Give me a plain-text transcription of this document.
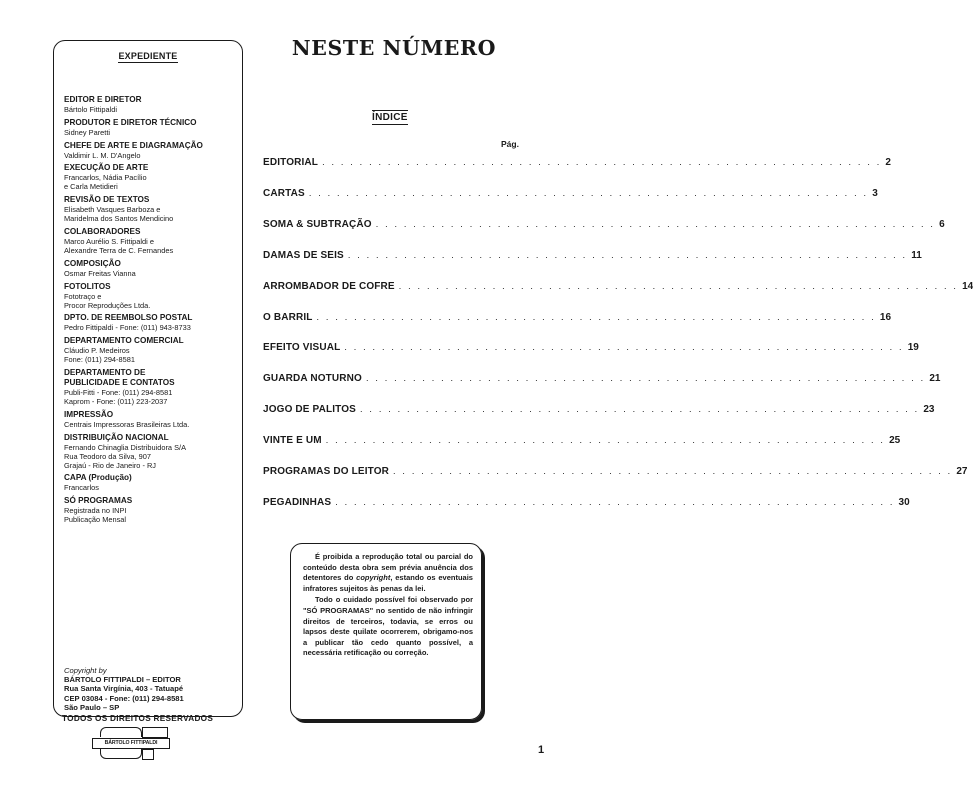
EXPEDIENTE
EDITOR E DIRETOR
Bártolo Fittipaldi
PRODUTOR E DIRETOR TÉCNICO
Sidney Paretti
CHEFE DE ARTE E DIAGRAMAÇÃO
Valdimir L. M. D'Angelo
EXECUÇÃO DE ARTE
Francarlos, Nádia Pacílio
e Carla Metidieri
REVISÃO DE TEXTOS
Elisabeth Vasques Barboza e
Maridelma dos Santos Mendicino
COLABORADORES
Marco Aurélio S. Fittipaldi e
Alexandre Terra de C. Fernandes
COMPOSIÇÃO
Osmar Freitas Vianna
FOTOLITOS
Fototraço e
Procor Reproduções Ltda.
DPTO. DE REEMBOLSO POSTAL
Pedro Fittipaldi - Fone: (011) 943-8733
DEPARTAMENTO COMERCIAL
Cláudio P. Medeiros
Fone: (011) 294-8581
DEPARTAMENTO DE
PUBLICIDADE E CONTATOS
Publi-Fitti - Fone: (011) 294-8581
Kaprom - Fone: (011) 223-2037
IMPRESSÃO
Centrais Impressoras Brasileiras Ltda.
DISTRIBUIÇÃO NACIONAL
Fernando Chinaglia Distribuidora S/A
Rua Teodoro da Silva, 907
Grajaú - Rio de Janeiro - RJ
CAPA (Produção)
Francarlos
SÓ PROGRAMAS
Registrada no INPI
Publicação Mensal
Copyright by
BÁRTOLO FITTIPALDI – EDITOR
Rua Santa Virgínia, 403 - Tatuapé
CEP 03084 - Fone: (011) 294-8581
São Paulo – SP
TODOS OS DIREITOS RESERVADOS
BÁRTOLO FITTIPALDI
NESTE NÚMERO
ÍNDICE
Pág.
EDITORIAL . . . . . . . . . . . . . . . . . . . . . . . . . . . . . . . . . . . . . . . . . . . . . . . . . . . . . . . . . . . . 2
CARTAS . . . . . . . . . . . . . . . . . . . . . . . . . . . . . . . . . . . . . . . . . . . . . . . . . . . . . . . . . . . . 3
SOMA & SUBTRAÇÃO . . . . . . . . . . . . . . . . . . . . . . . . . . . . . . . . . . . . . . . . . . . . . . . . . . . . . . . . . . . . 6
DAMAS DE SEIS . . . . . . . . . . . . . . . . . . . . . . . . . . . . . . . . . . . . . . . . . . . . . . . . . . . . . . . . . . . . 11
ARROMBADOR DE COFRE . . . . . . . . . . . . . . . . . . . . . . . . . . . . . . . . . . . . . . . . . . . . . . . . . . . . . . . . . . . . 14
O BARRIL . . . . . . . . . . . . . . . . . . . . . . . . . . . . . . . . . . . . . . . . . . . . . . . . . . . . . . . . . . . . 16
EFEITO VISUAL . . . . . . . . . . . . . . . . . . . . . . . . . . . . . . . . . . . . . . . . . . . . . . . . . . . . . . . . . . . . 19
GUARDA NOTURNO . . . . . . . . . . . . . . . . . . . . . . . . . . . . . . . . . . . . . . . . . . . . . . . . . . . . . . . . . . . . 21
JOGO DE PALITOS . . . . . . . . . . . . . . . . . . . . . . . . . . . . . . . . . . . . . . . . . . . . . . . . . . . . . . . . . . . . 23
VINTE E UM . . . . . . . . . . . . . . . . . . . . . . . . . . . . . . . . . . . . . . . . . . . . . . . . . . . . . . . . . . . . 25
PROGRAMAS DO LEITOR . . . . . . . . . . . . . . . . . . . . . . . . . . . . . . . . . . . . . . . . . . . . . . . . . . . . . . . . . . . . 27
PEGADINHAS . . . . . . . . . . . . . . . . . . . . . . . . . . . . . . . . . . . . . . . . . . . . . . . . . . . . . . . . . . . . 30

É proibida a reprodução total ou parcial do conteúdo desta obra sem prévia anuência dos detentores do copyright, estando os eventuais infratores sujeitos às penas da lei.

Todo o cuidado possível foi observado por "SÓ PROGRAMAS" no sentido de não infringir direitos de terceiros, todavia, se erros ou lapsos deste quilate ocorrerem, obrigamo-nos a publicar tão cedo quanto possível, a necessária retificação ou correção.

1
